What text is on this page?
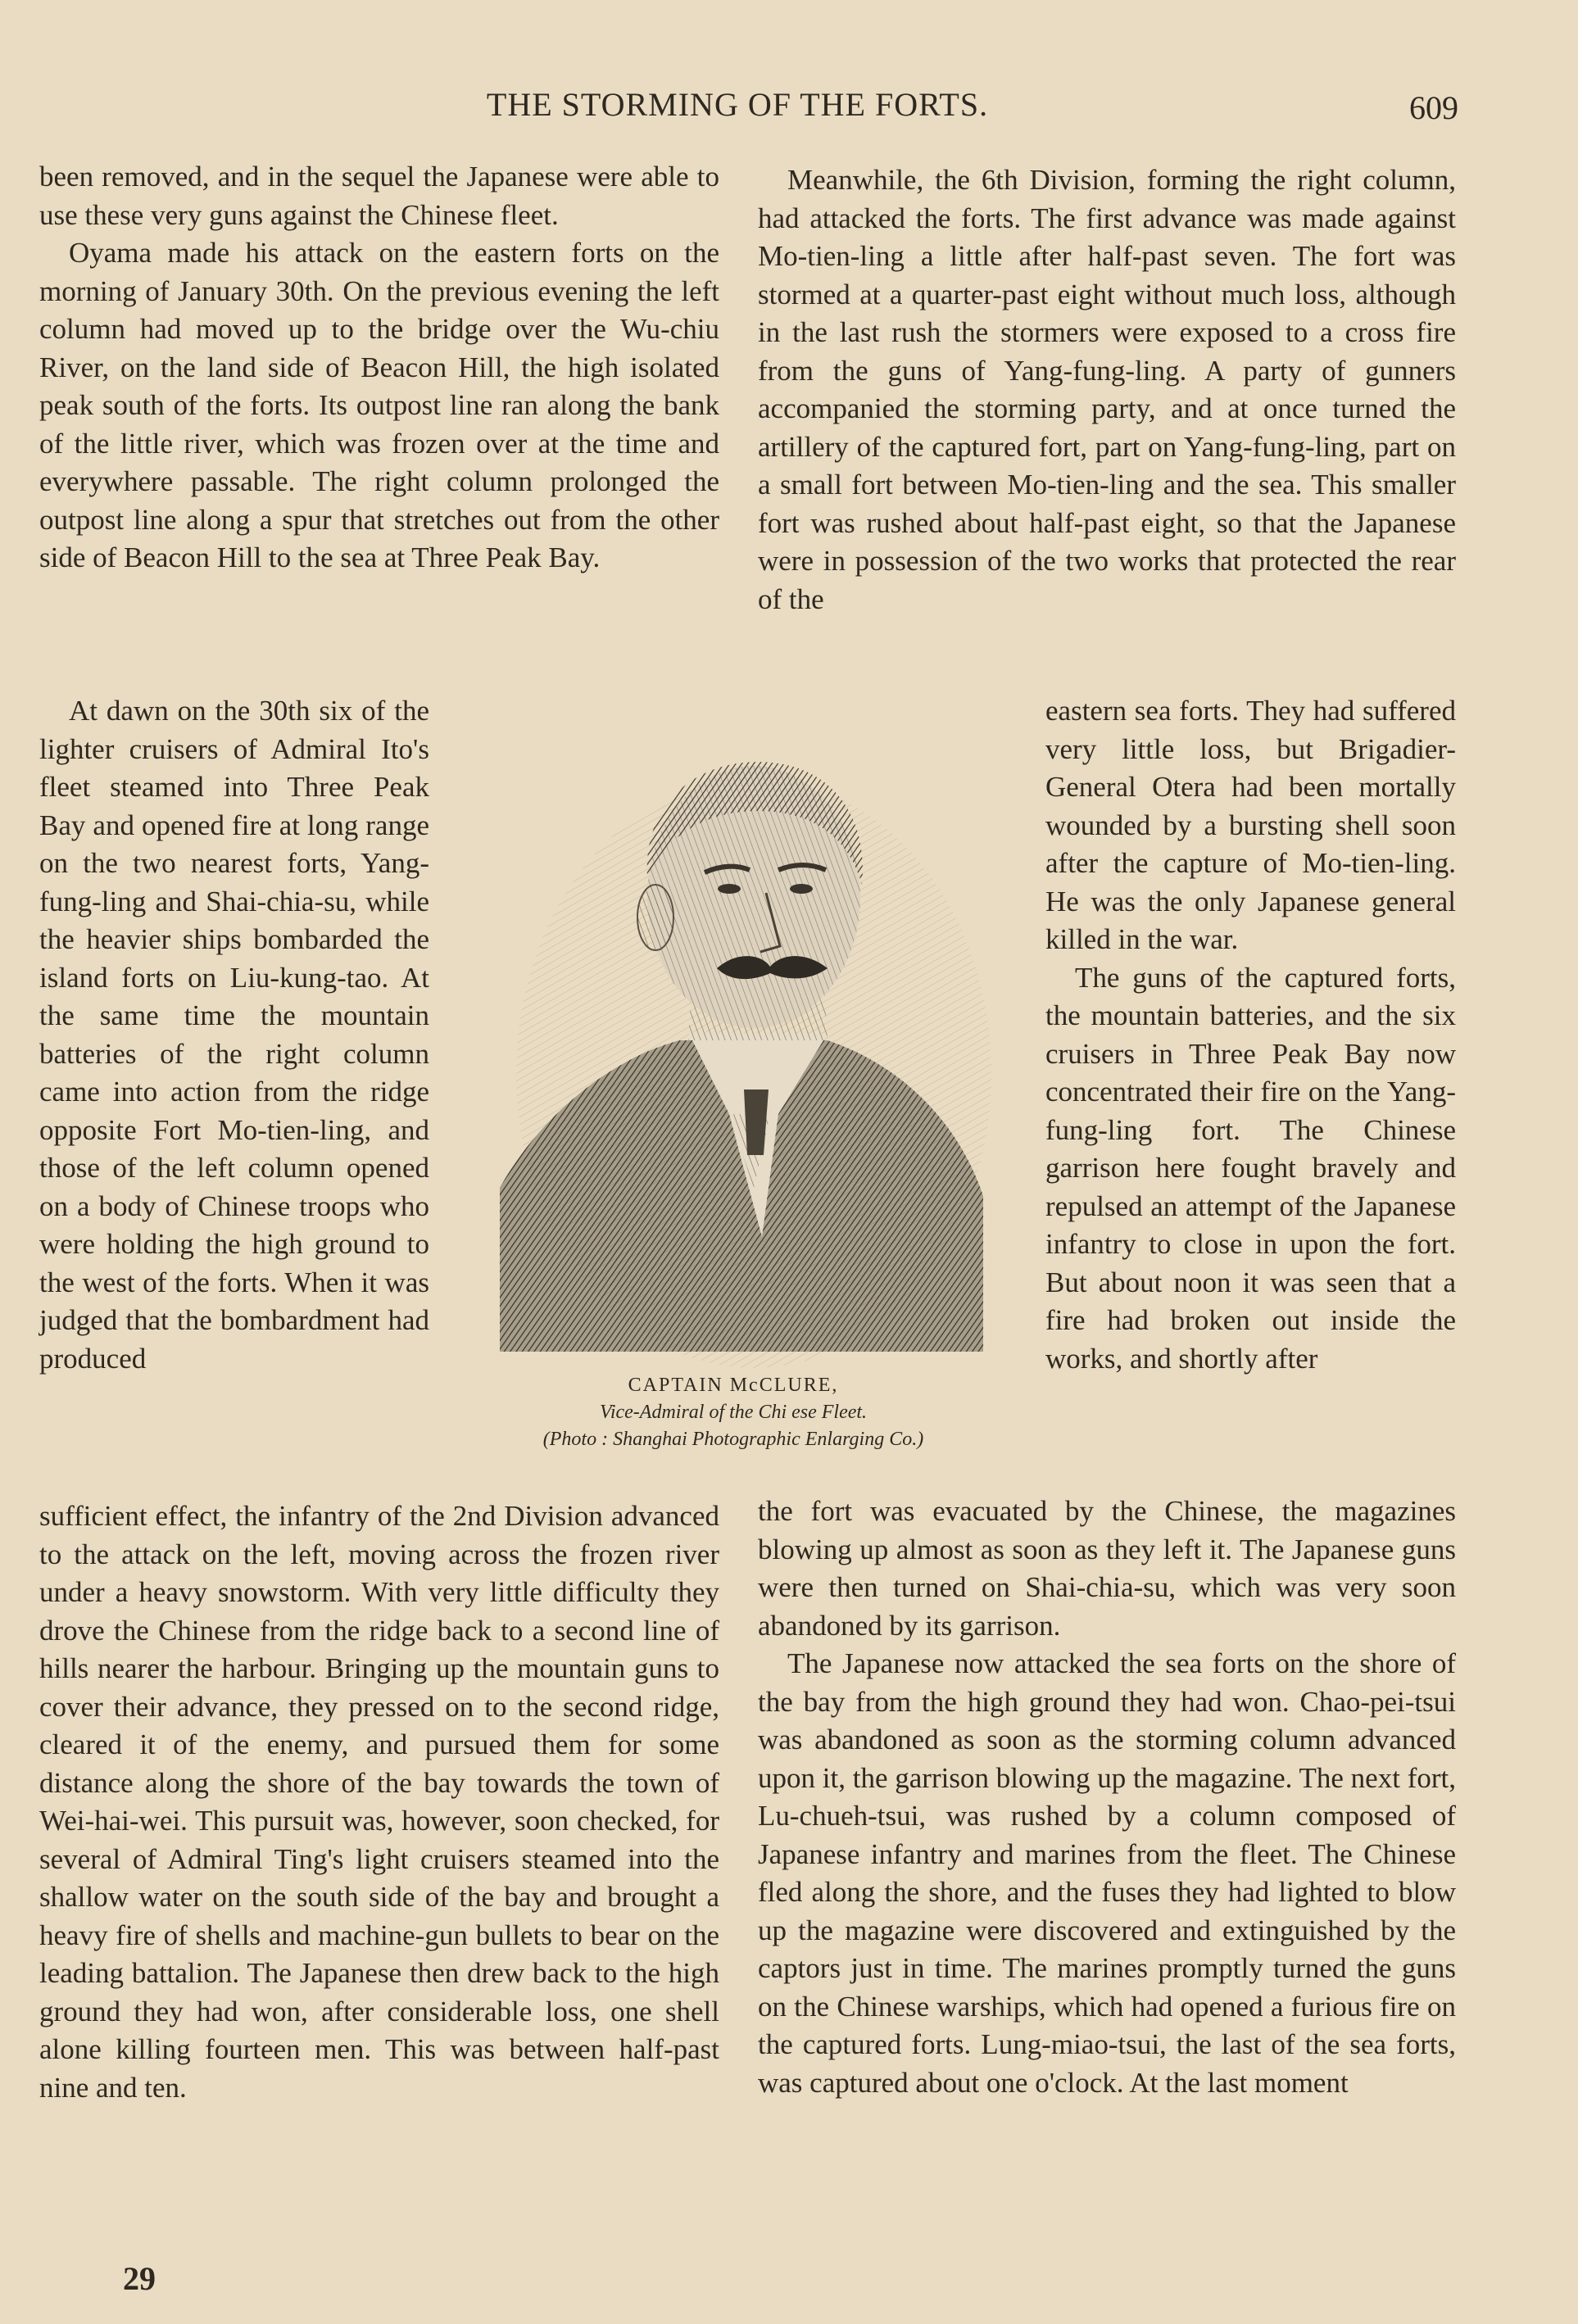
THE STORMING OF THE FORTS.	609

been removed, and in the sequel the Japanese were able to use these very guns against the Chinese fleet.

Oyama made his attack on the eastern forts on the morning of January 30th. On the previous evening the left column had moved up to the bridge over the Wu-chiu River, on the land side of Beacon Hill, the high isolated peak south of the forts. Its outpost line ran along the bank of the little river, which was frozen over at the time and everywhere passable. The right column prolonged the outpost line along a spur that stretches out from the other side of Beacon Hill to the sea at Three Peak Bay.

At dawn on the 30th six of the lighter cruisers of Admiral Ito's fleet steamed into Three Peak Bay and opened fire at long range on the two nearest forts, Yang-fung-ling and Shai-chia-su, while the heavier ships bombarded the island forts on Liu-kung-tao. At the same time the mountain batteries of the right column came into action from the ridge opposite Fort Mo-tien-ling, and those of the left column opened on a body of Chinese troops who were holding the high ground to the west of the forts. When it was judged that the bombardment had produced

sufficient effect, the infantry of the 2nd Division advanced to the attack on the left, moving across the frozen river under a heavy snowstorm. With very little difficulty they drove the Chinese from the ridge back to a second line of hills nearer the harbour. Bringing up the mountain guns to cover their advance, they pressed on to the second ridge, cleared it of the enemy, and pursued them for some distance along the shore of the bay towards the town of Wei-hai-wei. This pursuit was, however, soon checked, for several of Admiral Ting's light cruisers steamed into the shallow water on the south side of the bay and brought a heavy fire of shells and machine-gun bullets to bear on the leading battalion. The Japanese then drew back to the high ground they had won, after considerable loss, one shell alone killing fourteen men. This was between half-past nine and ten.

Meanwhile, the 6th Division, forming the right column, had attacked the forts. The first advance was made against Mo-tien-ling a little after half-past seven. The fort was stormed at a quarter-past eight without much loss, although in the last rush the stormers were exposed to a cross fire from the guns of Yang-fung-ling. A party of gunners accompanied the storming party, and at once turned the artillery of the captured fort, part on Yang-fung-ling, part on a small fort between Mo-tien-ling and the sea. This smaller fort was rushed about half-past eight, so that the Japanese were in possession of the two works that protected the rear of the

eastern sea forts. They had suffered very little loss, but Brigadier-General Otera had been mortally wounded by a bursting shell soon after the capture of Mo-tien-ling. He was the only Japanese general killed in the war.

The guns of the captured forts, the mountain batteries, and the six cruisers in Three Peak Bay now concentrated their fire on the Yang-fung-ling fort. The Chinese garrison here fought bravely and repulsed an attempt of the Japanese infantry to close in upon the fort. But about noon it was seen that a fire had broken out inside the works, and shortly after

the fort was evacuated by the Chinese, the magazines blowing up almost as soon as they left it. The Japanese guns were then turned on Shai-chia-su, which was very soon abandoned by its garrison.

The Japanese now attacked the sea forts on the shore of the bay from the high ground they had won. Chao-pei-tsui was abandoned as soon as the storming column advanced upon it, the garrison blowing up the magazine. The next fort, Lu-chueh-tsui, was rushed by a column composed of Japanese infantry and marines from the fleet. The Chinese fled along the shore, and the fuses they had lighted to blow up the magazine were discovered and extinguished by the captors just in time. The marines promptly turned the guns on the Chinese warships, which had opened a furious fire on the captured forts. Lung-miao-tsui, the last of the sea forts, was captured about one o'clock. At the last moment

CAPTAIN McCLURE,
Vice-Admiral of the Chi ese Fleet.
(Photo : Shanghai Photographic Enlarging Co.)
29
